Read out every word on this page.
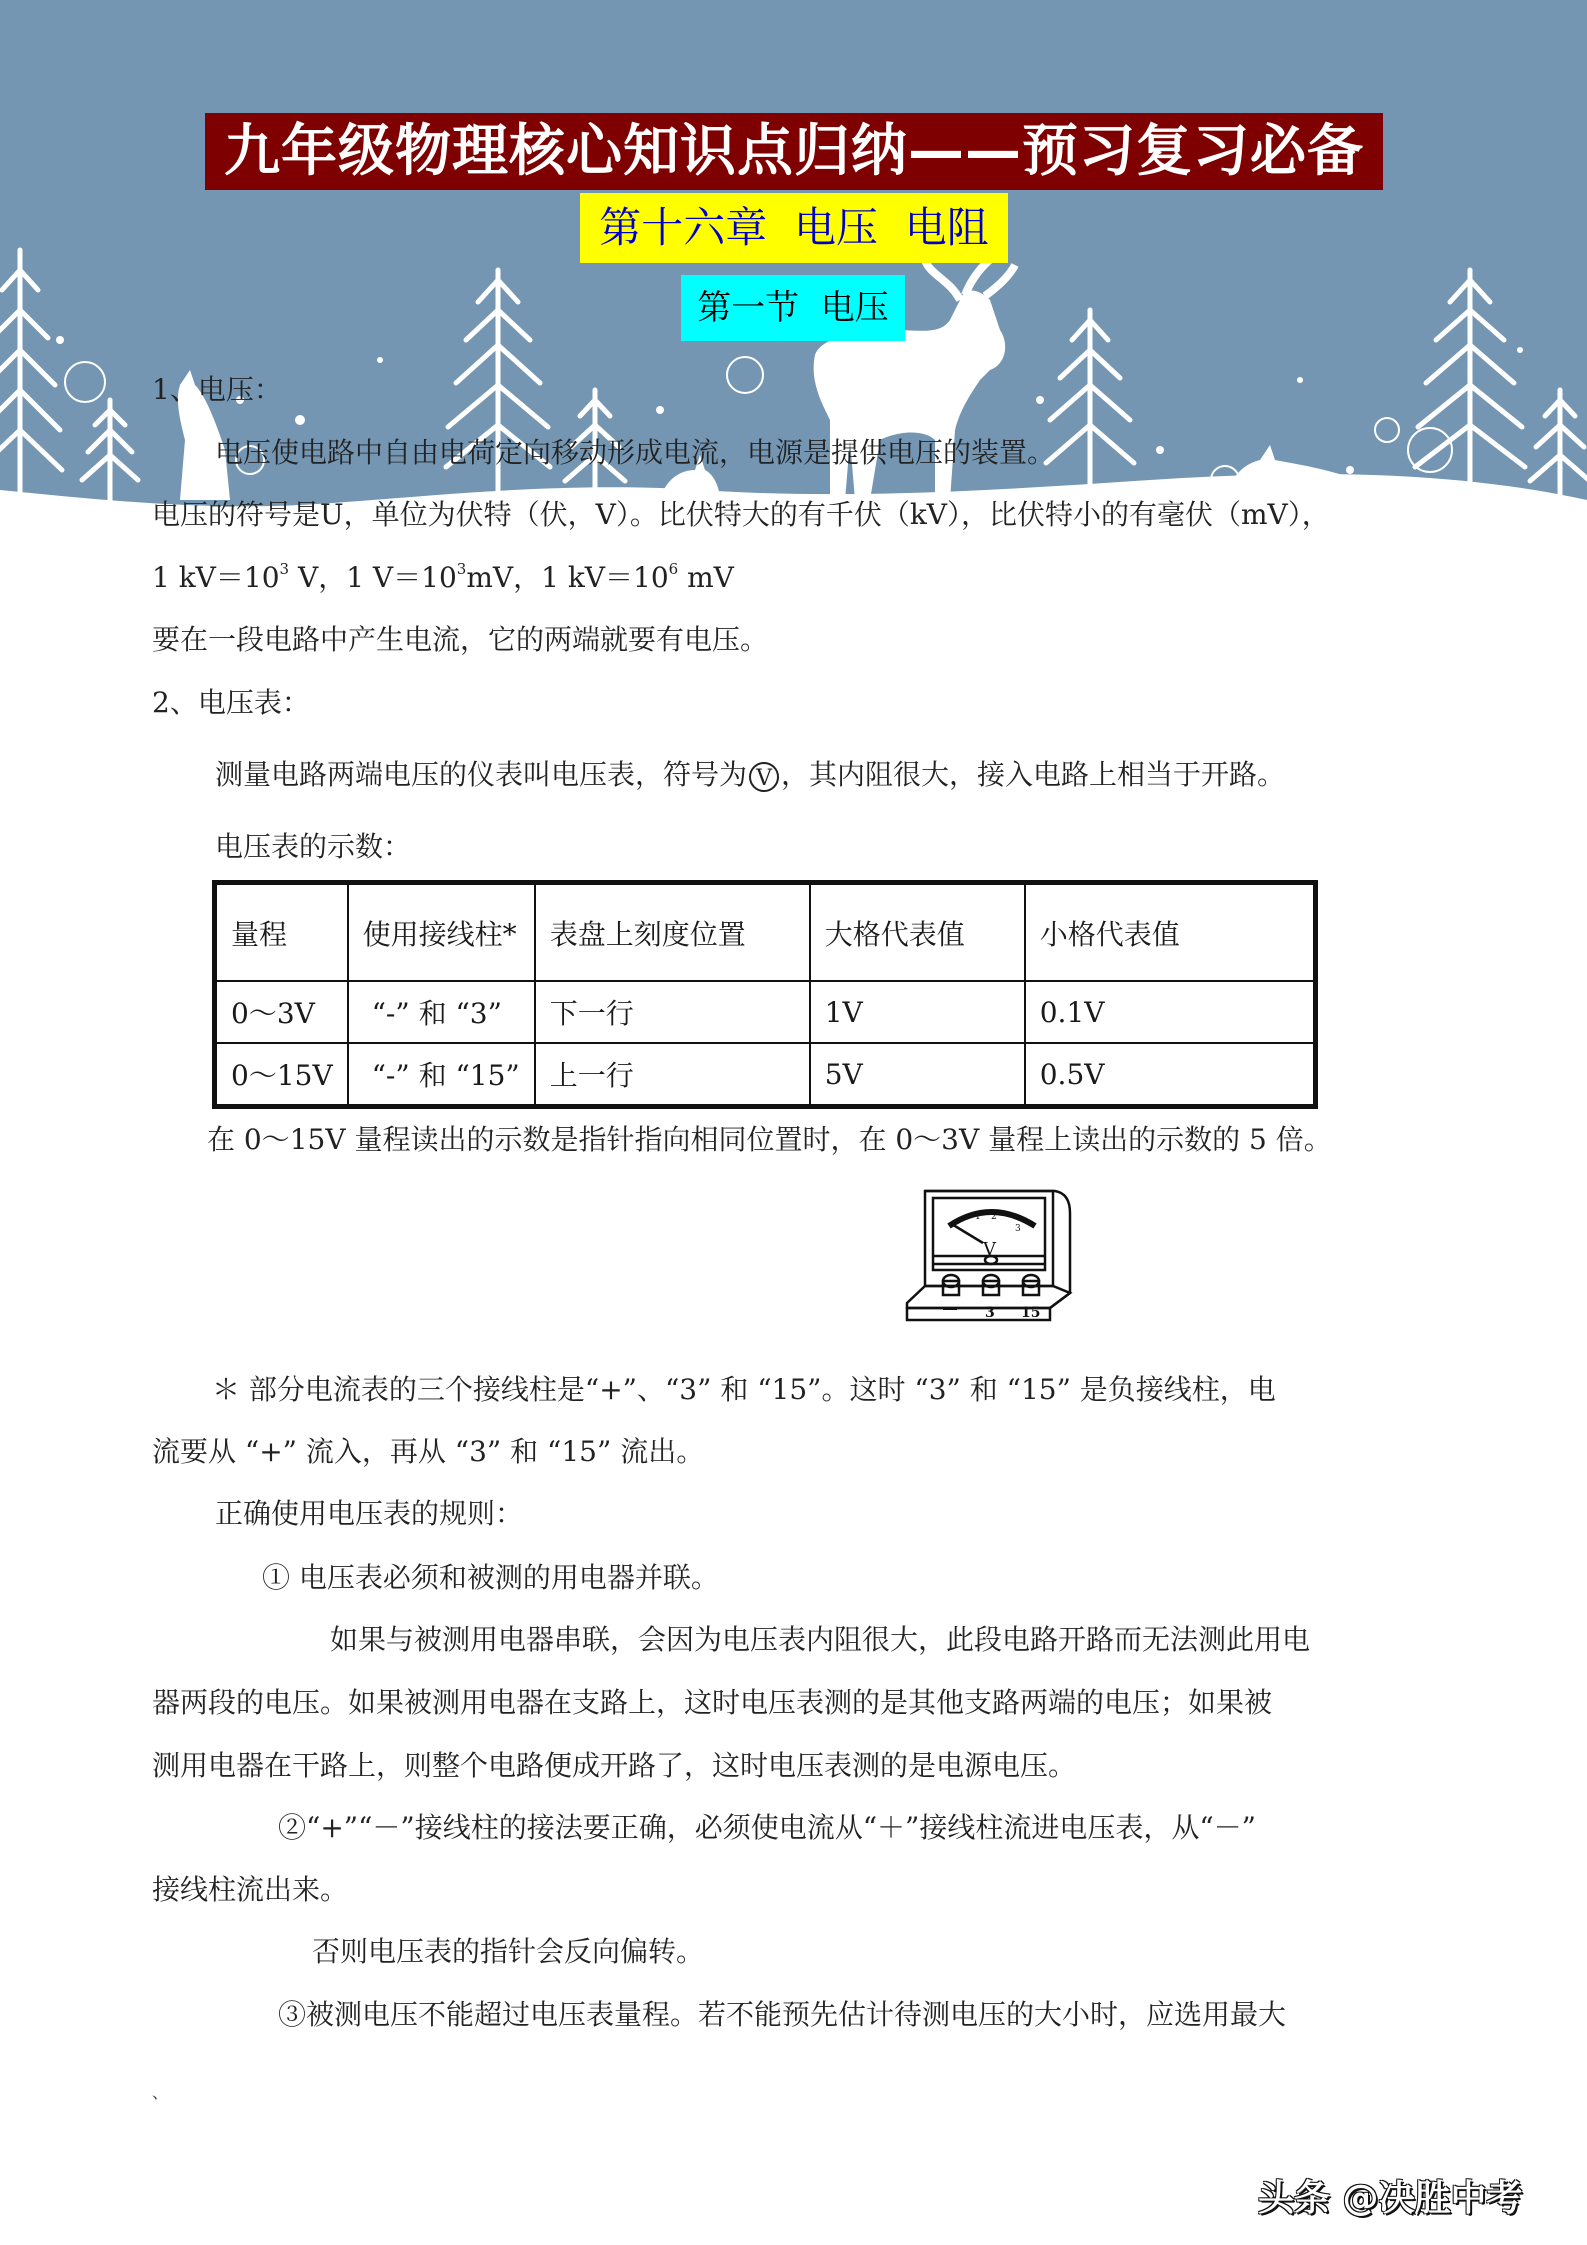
九年级物理核心知识点归纳——预习复习必备
第十六章  电压  电阻
第一节  电压
1、电压：
电压使电路中自由电荷定向移动形成电流，电源是提供电压的装置。
电压的符号是U，单位为伏特（伏，V）。比伏特大的有千伏（kV），比伏特小的有毫伏（mV），
1 $kV=10^3$ V，1 $V=10^3mV$，1 $kV=10^6$ mV
要在一段电路中产生电流，它的两端就要有电压。
2、电压表：
测量电路两端电压的仪表叫电压表，符号为 V ，其内阻很大，接入电路上相当于开路。
电压表的示数：
量程	使用接线柱*	表盘上刻度位置	大格代表值	小格代表值
0～3V	“-” 和 “3”	下一行	1V	0.1V
0～15V	“-” 和 “15”	上一行	5V	0.5V
在 0～15V 量程读出的示数是指针指向相同位置时，在 0～3V 量程上读出的示数的 5 倍。
V
1 2
3
3 15
＊ 部分电流表的三个接线柱是“+”、“3” 和 “15”。这时 “3” 和 “15” 是负接线柱，电
流要从 “+” 流入，再从 “3” 和 “15” 流出。
正确使用电压表的规则：
① 电压表必须和被测的用电器并联。
如果与被测用电器串联，会因为电压表内阻很大，此段电路开路而无法测此用电
器两段的电压。如果被测用电器在支路上，这时电压表测的是其他支路两端的电压；如果被
测用电器在干路上，则整个电路便成开路了，这时电压表测的是电源电压。
②“+”“－”接线柱的接法要正确，必须使电流从“＋”接线柱流进电压表，从“－”
接线柱流出来。
否则电压表的指针会反向偏转。
③被测电压不能超过电压表量程。若不能预先估计待测电压的大小时，应选用最大
、
头条 @决胜中考
